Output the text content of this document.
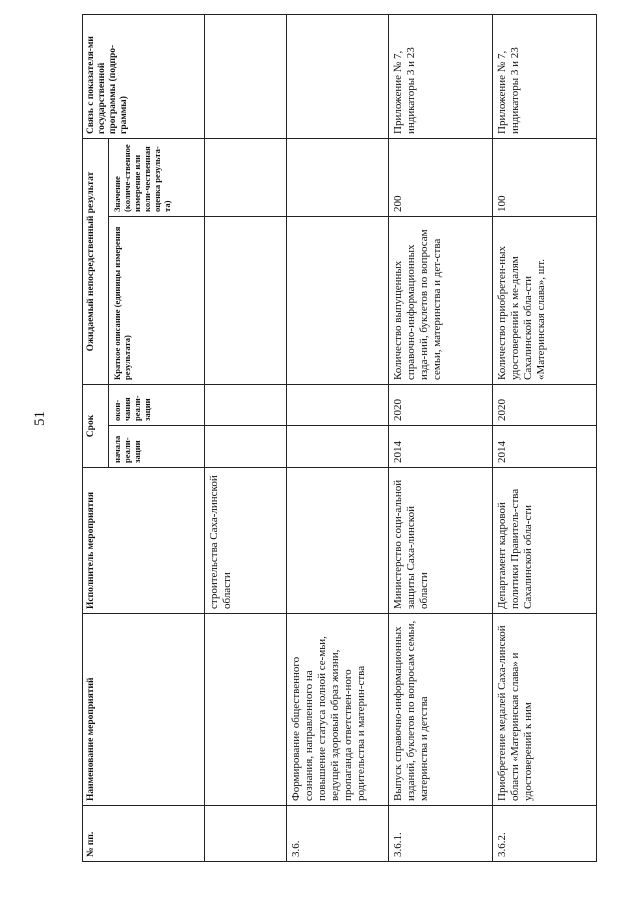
51
№ пп.	Наименование мероприятий	Исполнитель мероприятия	Срок		Ожидаемый непосредственный результат		Связь с показателя-ми государственной программы (подпро-граммы)
			начала реали-зации	окон-чания реали-зации	Краткое описание (единицы измерения результата)	Значение (количе-ственное измерение или коли-чественная оценка результа-та)	
		строительства Саха-линской области					
3.6.	Формирование общественного сознания, направленного на повышение статуса полной се-мьи, ведущей здоровый образ жизни, пропаганда ответствен-ного родительства и материн-ства						
3.6.1.	Выпуск справочно-информационных изданий, буклетов по вопросам семьи, материнства и детства	Министерство соци-альной защиты Саха-линской области	2014	2020	Количество выпущенных справочно-информационных изда-ний, буклетов по вопросам семьи, материнства и дет-ства	200	Приложение № 7, индикаторы 3 и 23
3.6.2.	Приобретение медалей Саха-линской области «Материнская слава» и удостоверений к ним	Департамент кадровой политики Правитель-ства Сахалинской обла-сти	2014	2020	Количество приобретен-ных удостоверений к ме-далям Сахалинской обла-сти «Материнская слава», шт.	100	Приложение № 7, индикаторы 3 и 23
